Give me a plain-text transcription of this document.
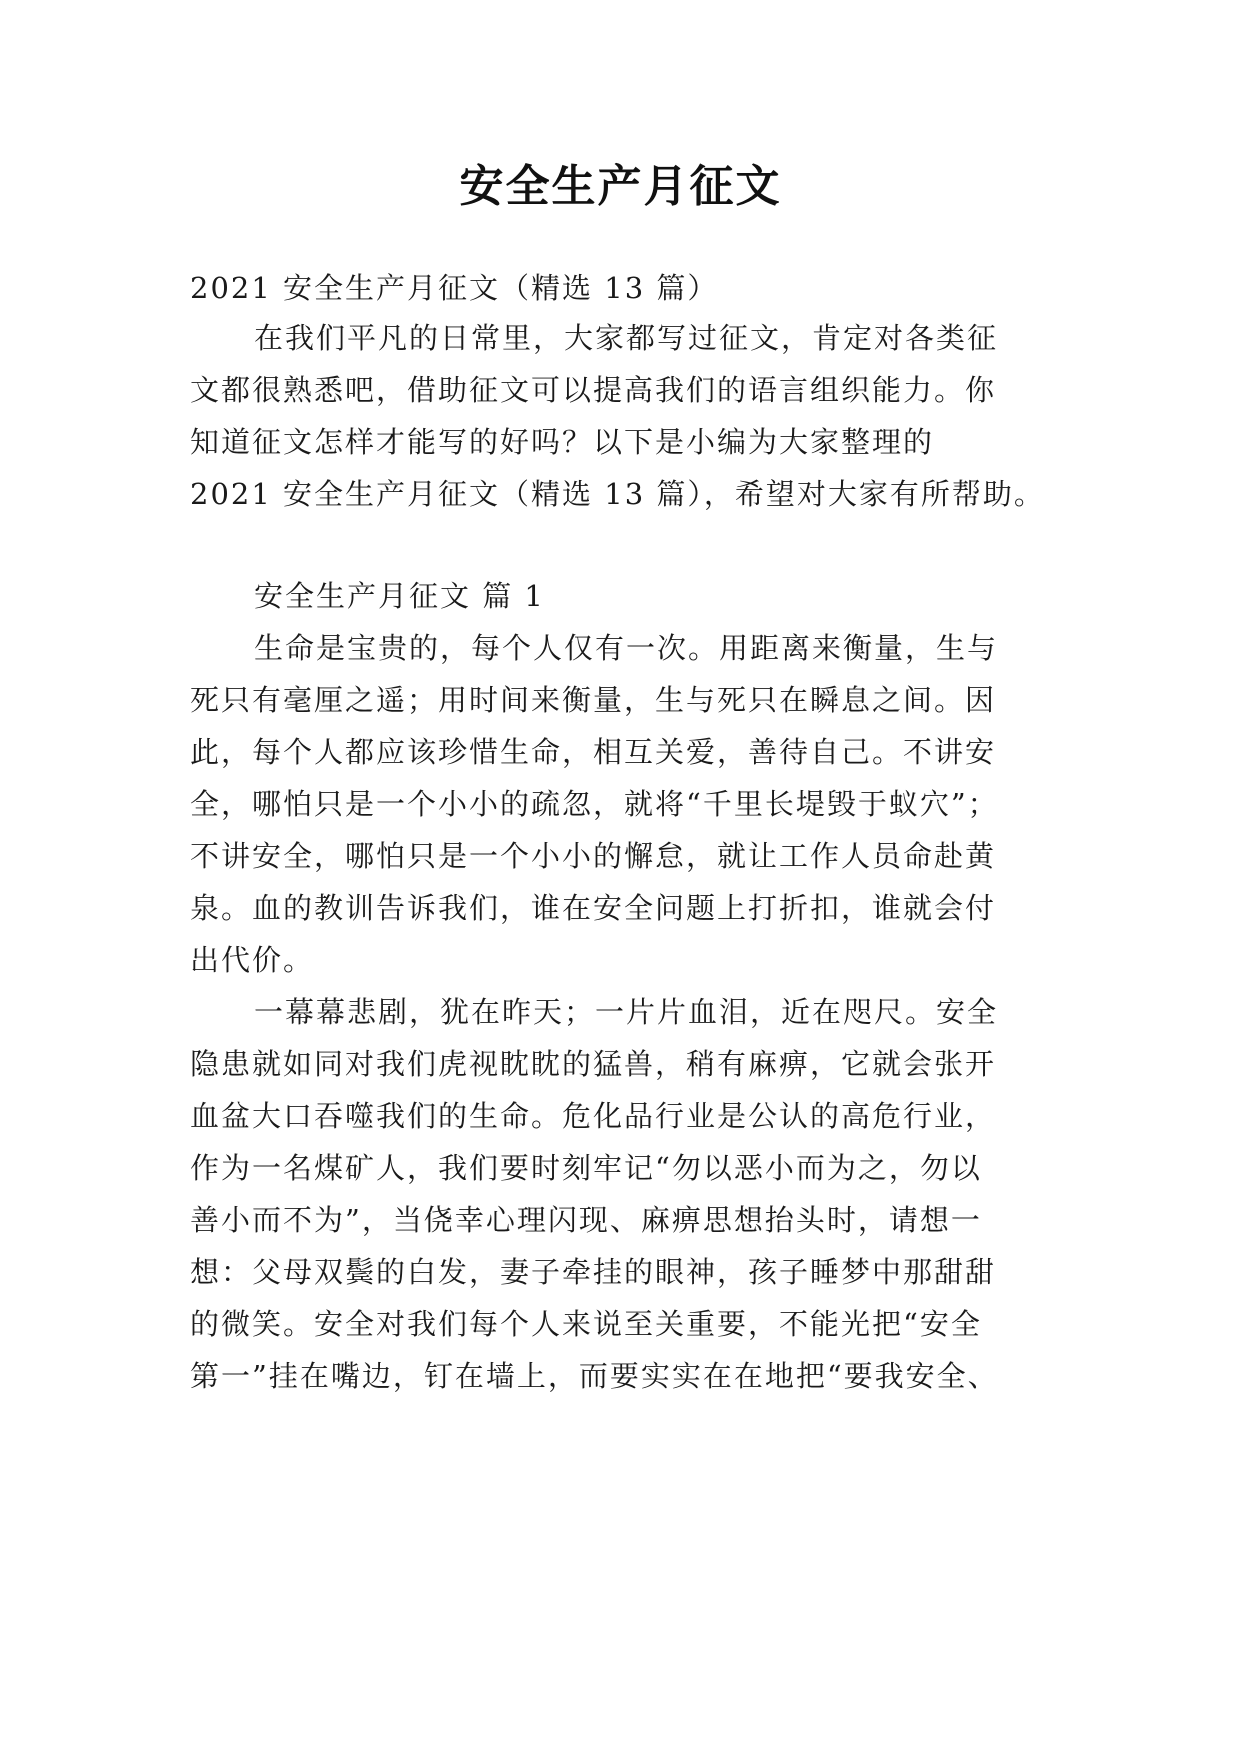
安全生产月征文
2021 安全生产月征文（精选 13 篇）
在我们平凡的日常里，大家都写过征文，肯定对各类征
文都很熟悉吧，借助征文可以提高我们的语言组织能力。你
知道征文怎样才能写的好吗？以下是小编为大家整理的
2021 安全生产月征文（精选 13 篇），希望对大家有所帮助。
安全生产月征文 篇 1
生命是宝贵的，每个人仅有一次。用距离来衡量，生与
死只有毫厘之遥；用时间来衡量，生与死只在瞬息之间。因
此，每个人都应该珍惜生命，相互关爱，善待自己。不讲安
全，哪怕只是一个小小的疏忽，就将“千里长堤毁于蚁穴”；
不讲安全，哪怕只是一个小小的懈怠，就让工作人员命赴黄
泉。血的教训告诉我们，谁在安全问题上打折扣，谁就会付
出代价。
一幕幕悲剧，犹在昨天；一片片血泪，近在咫尺。安全
隐患就如同对我们虎视眈眈的猛兽，稍有麻痹，它就会张开
血盆大口吞噬我们的生命。危化品行业是公认的高危行业，
作为一名煤矿人，我们要时刻牢记“勿以恶小而为之，勿以
善小而不为”，当侥幸心理闪现、麻痹思想抬头时，请想一
想：父母双鬓的白发，妻子牵挂的眼神，孩子睡梦中那甜甜
的微笑。安全对我们每个人来说至关重要，不能光把“安全
第一”挂在嘴边，钉在墙上，而要实实在在地把“要我安全、
